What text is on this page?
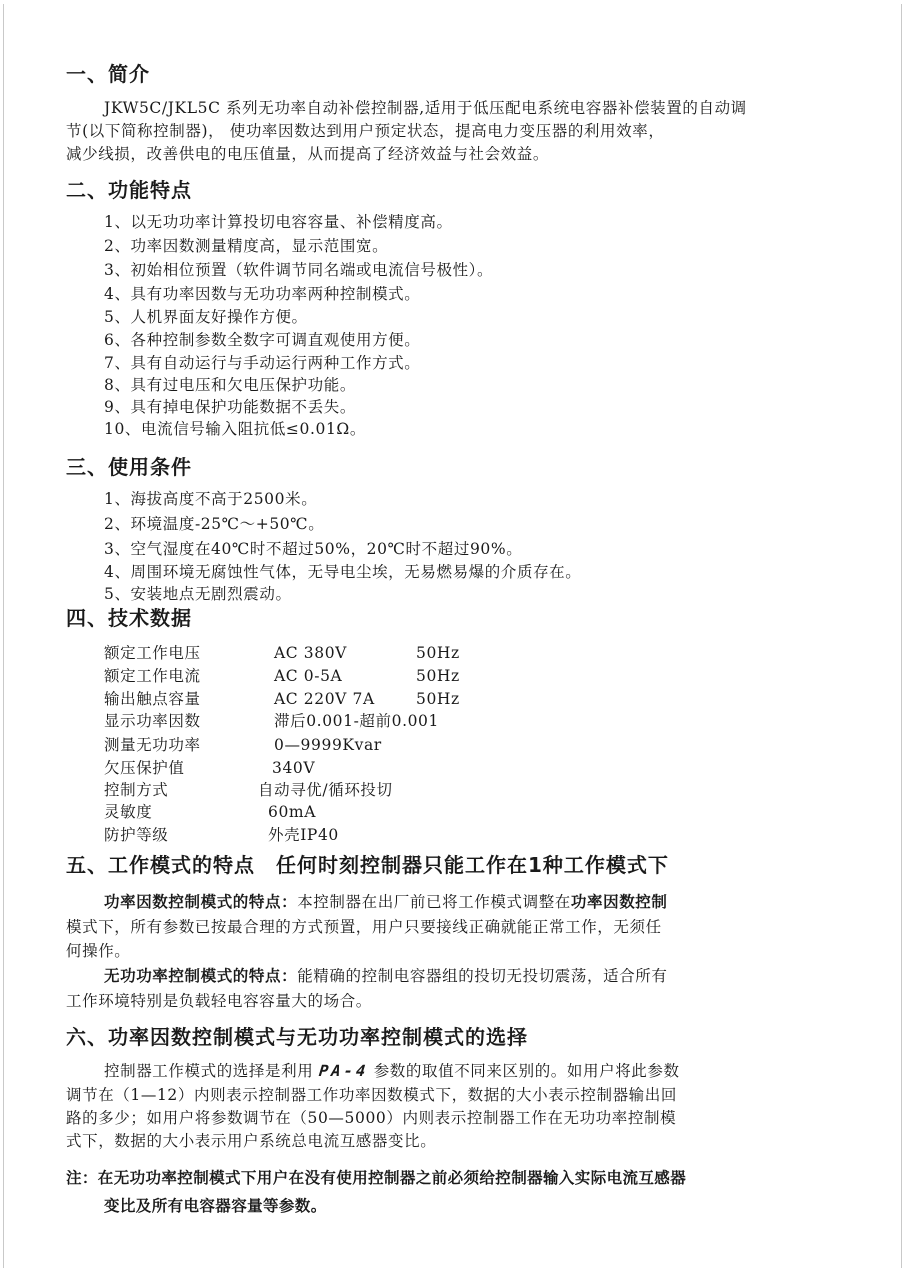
一、简介

JKW5C/JKL5C 系列无功率自动补偿控制器,适用于低压配电系统电容器补偿装置的自动调

节(以下简称控制器)， 使功率因数达到用户预定状态，提高电力变压器的利用效率，

减少线损，改善供电的电压值量，从而提高了经济效益与社会效益。

二、功能特点

1、以无功功率计算投切电容容量、补偿精度高。

2、功率因数测量精度高，显示范围宽。

3、初始相位预置（软件调节同名端或电流信号极性）。

4、具有功率因数与无功功率两种控制模式。

5、人机界面友好操作方便。

6、各种控制参数全数字可调直观使用方便。

7、具有自动运行与手动运行两种工作方式。

8、具有过电压和欠电压保护功能。

9、具有掉电保护功能数据不丢失。

10、电流信号输入阻抗低≤0.01Ω。

三、使用条件

1、海拔高度不高于2500米。

2、环境温度-25℃～+50℃。

3、空气湿度在40℃时不超过50%，20℃时不超过90%。

4、周围环境无腐蚀性气体，无导电尘埃，无易燃易爆的介质存在。

5、安装地点无剧烈震动。

四、技术数据
额定工作电压	AC 380V	50Hz
额定工作电流	AC 0-5A	50Hz
输出触点容量	AC 220V 7A	50Hz
显示功率因数	滞后0.001-超前0.001
测量无功功率	0—9999Kvar
欠压保护值	340V
控制方式	自动寻优/循环投切
灵敏度	60mA
防护等级	外壳IP40
五、工作模式的特点　任何时刻控制器只能工作在1种工作模式下

功率因数控制模式的特点：本控制器在出厂前已将工作模式调整在功率因数控制

模式下，所有参数已按最合理的方式预置，用户只要接线正确就能正常工作，无须任

何操作。

无功功率控制模式的特点：能精确的控制电容器组的投切无投切震荡，适合所有

工作环境特别是负载轻电容容量大的场合。

六、功率因数控制模式与无功功率控制模式的选择

控制器工作模式的选择是利用 PA-4 参数的取值不同来区别的。如用户将此参数

调节在（1—12）内则表示控制器工作功率因数模式下，数据的大小表示控制器输出回

路的多少；如用户将参数调节在（50—5000）内则表示控制器工作在无功功率控制模

式下，数据的大小表示用户系统总电流互感器变比。

注：在无功功率控制模式下用户在没有使用控制器之前必须给控制器输入实际电流互感器

变比及所有电容器容量等参数。
